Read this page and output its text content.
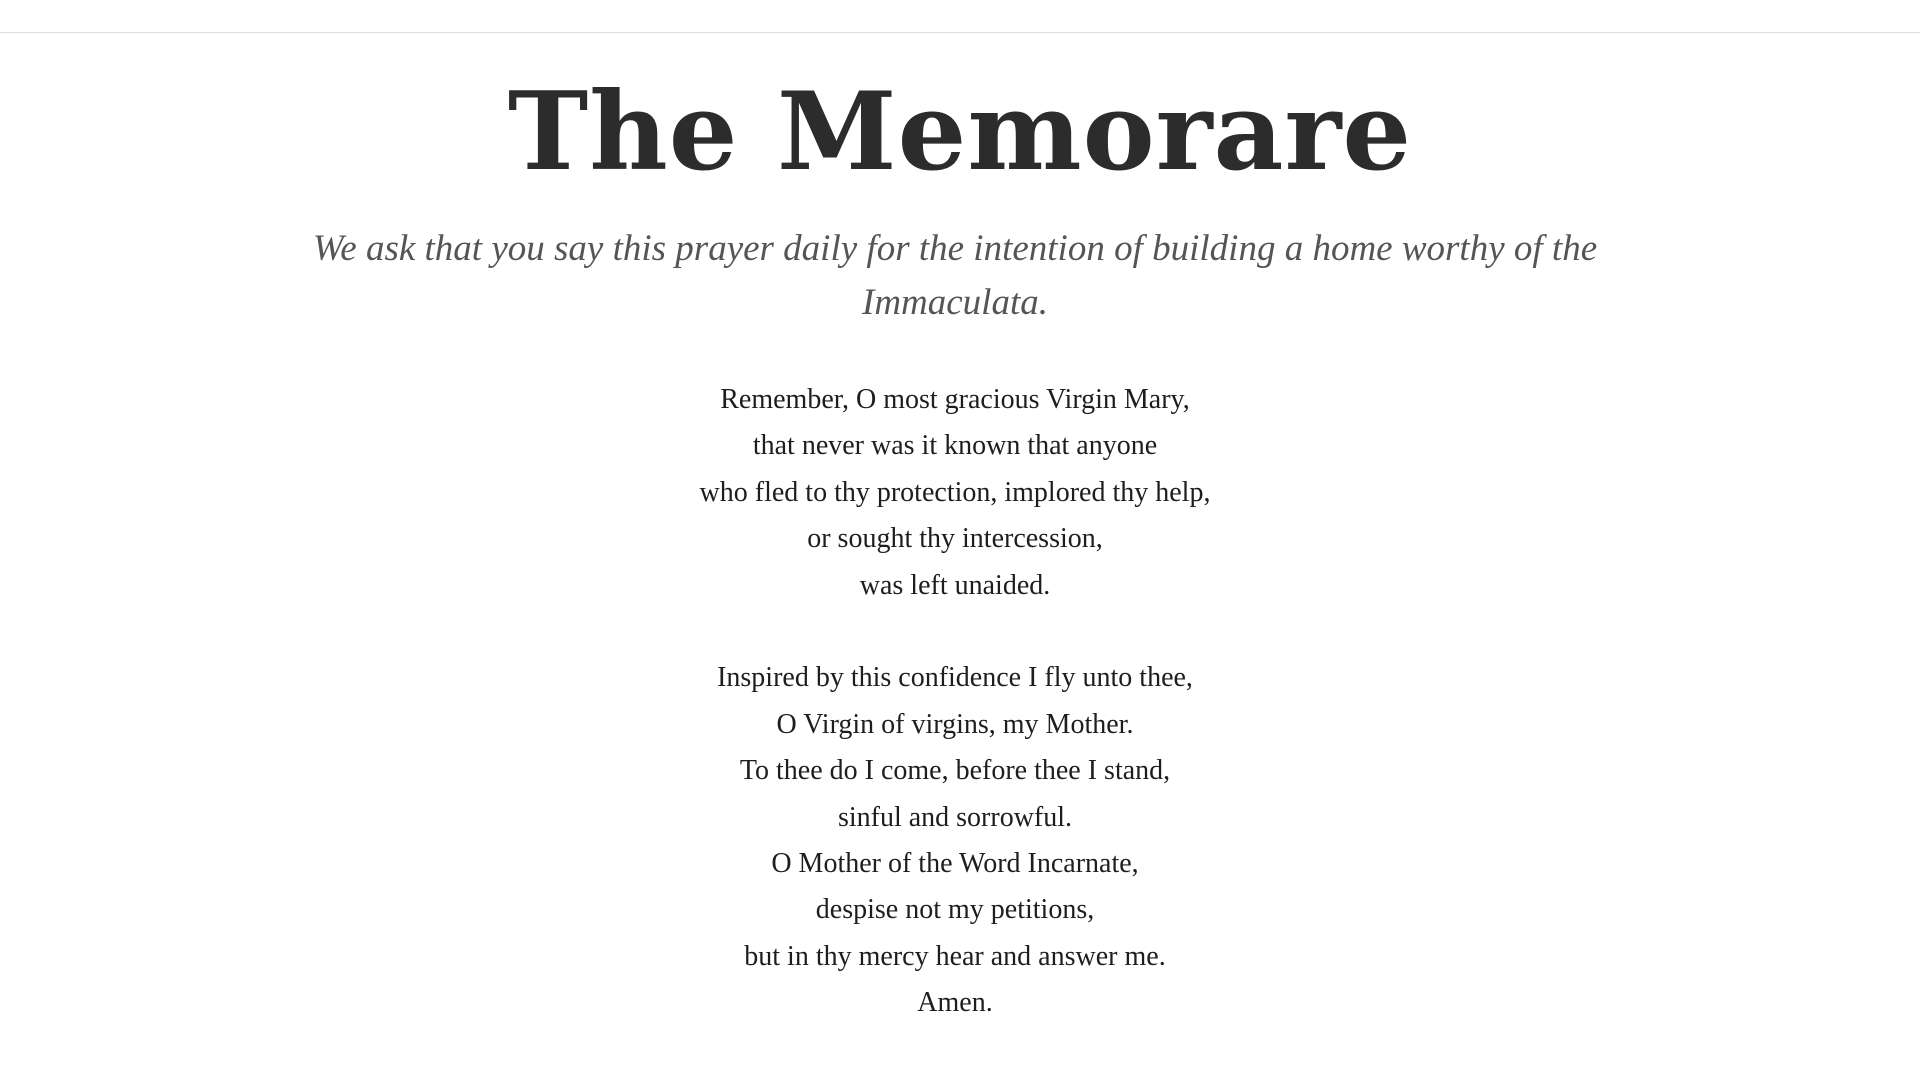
The Memorare

We ask that you say this prayer daily for the intention of building a home worthy of the Immaculata.

Remember, O most gracious Virgin Mary,
that never was it known that anyone
who fled to thy protection, implored thy help,
or sought thy intercession,
was left unaided.
Inspired by this confidence I fly unto thee,
O Virgin of virgins, my Mother.
To thee do I come, before thee I stand,
sinful and sorrowful.
O Mother of the Word Incarnate,
despise not my petitions,
but in thy mercy hear and answer me.
Amen.
